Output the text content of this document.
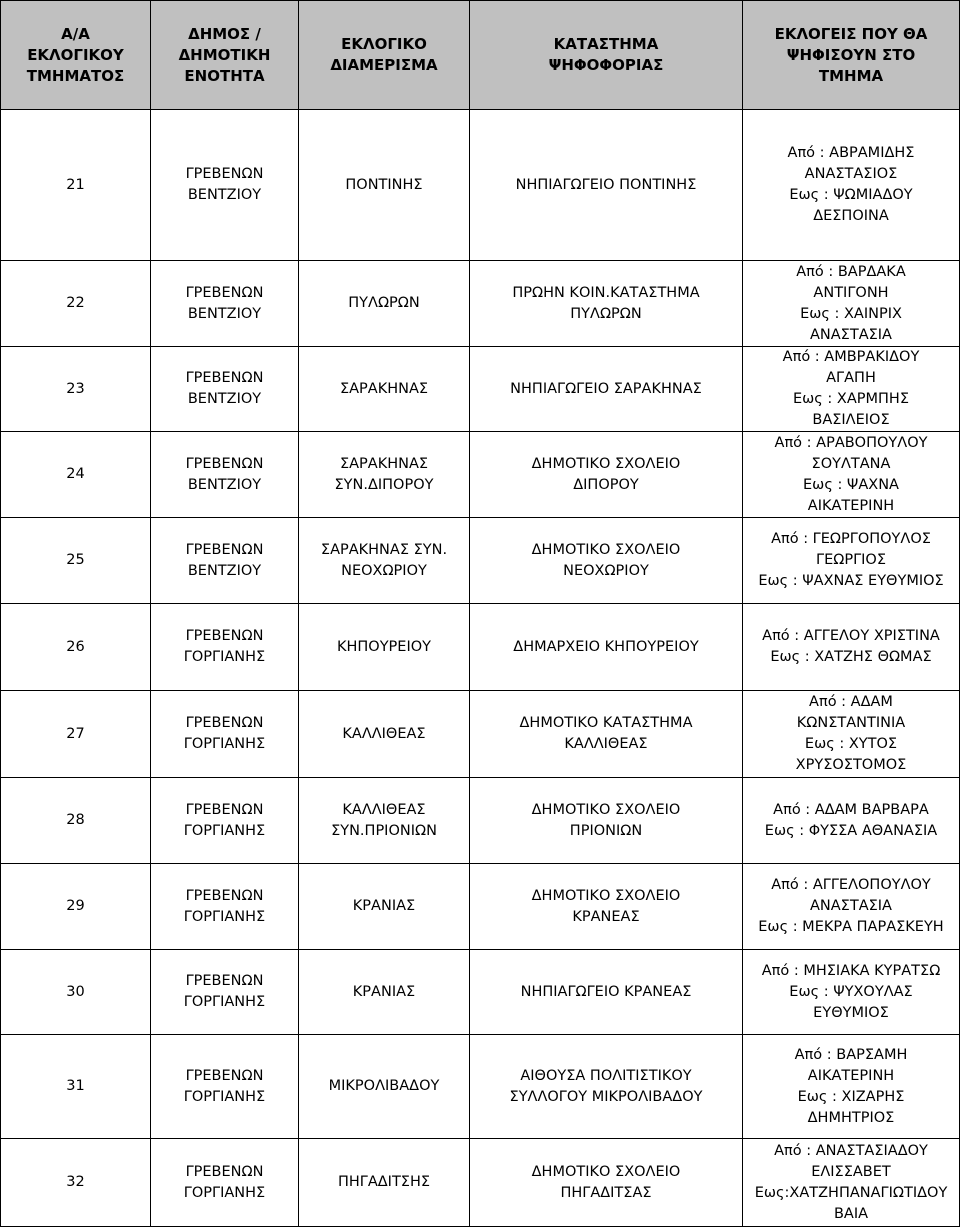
Α/Α
ΕΚΛΟΓΙΚΟΥ
ΤΜΗΜΑΤΟΣ	ΔΗΜΟΣ /
ΔΗΜΟΤΙΚΗ
ΕΝΟΤΗΤΑ	ΕΚΛΟΓΙΚΟ
ΔΙΑΜΕΡΙΣΜΑ	ΚΑΤΑΣΤΗΜΑ
ΨΗΦΟΦΟΡΙΑΣ	ΕΚΛΟΓΕΙΣ ΠΟΥ ΘΑ
ΨΗΦΙΣΟΥΝ ΣΤΟ
ΤΜΗΜΑ
21	ΓΡΕΒΕΝΩΝ
ΒΕΝΤΖΙΟΥ	ΠΟΝΤΙΝΗΣ	ΝΗΠΙΑΓΩΓΕΙΟ ΠΟΝΤΙΝΗΣ	Από : ΑΒΡΑΜΙΔΗΣ
ΑΝΑΣΤΑΣΙΟΣ
Εως : ΨΩΜΙΑΔΟΥ
ΔΕΣΠΟΙΝΑ
22	ΓΡΕΒΕΝΩΝ
ΒΕΝΤΖΙΟΥ	ΠΥΛΩΡΩΝ	ΠΡΩΗΝ ΚΟΙΝ.ΚΑΤΑΣΤΗΜΑ
ΠΥΛΩΡΩΝ	Από : ΒΑΡΔΑΚΑ
ΑΝΤΙΓΟΝΗ
Εως : ΧΑΙΝΡΙΧ
ΑΝΑΣΤΑΣΙΑ
23	ΓΡΕΒΕΝΩΝ
ΒΕΝΤΖΙΟΥ	ΣΑΡΑΚΗΝΑΣ	ΝΗΠΙΑΓΩΓΕΙΟ ΣΑΡΑΚΗΝΑΣ	Από : ΑΜΒΡΑΚΙΔΟΥ
ΑΓΑΠΗ
Εως : ΧΑΡΜΠΗΣ
ΒΑΣΙΛΕΙΟΣ
24	ΓΡΕΒΕΝΩΝ
ΒΕΝΤΖΙΟΥ	ΣΑΡΑΚΗΝΑΣ
ΣΥΝ.ΔΙΠΟΡΟΥ	ΔΗΜΟΤΙΚΟ ΣΧΟΛΕΙΟ
ΔΙΠΟΡΟΥ	Από : ΑΡΑΒΟΠΟΥΛΟΥ
ΣΟΥΛΤΑΝΑ
Εως : ΨΑΧΝΑ
ΑΙΚΑΤΕΡΙΝΗ
25	ΓΡΕΒΕΝΩΝ
ΒΕΝΤΖΙΟΥ	ΣΑΡΑΚΗΝΑΣ ΣΥΝ.
ΝΕΟΧΩΡΙΟΥ	ΔΗΜΟΤΙΚΟ ΣΧΟΛΕΙΟ
ΝΕΟΧΩΡΙΟΥ	Από : ΓΕΩΡΓΟΠΟΥΛΟΣ
ΓΕΩΡΓΙΟΣ
Εως : ΨΑΧΝΑΣ ΕΥΘΥΜΙΟΣ
26	ΓΡΕΒΕΝΩΝ
ΓΟΡΓΙΑΝΗΣ	ΚΗΠΟΥΡΕΙΟΥ	ΔΗΜΑΡΧΕΙΟ ΚΗΠΟΥΡΕΙΟΥ	Από : ΑΓΓΕΛΟΥ ΧΡΙΣΤΙΝΑ
Εως : ΧΑΤΖΗΣ ΘΩΜΑΣ
27	ΓΡΕΒΕΝΩΝ
ΓΟΡΓΙΑΝΗΣ	ΚΑΛΛΙΘΕΑΣ	ΔΗΜΟΤΙΚΟ ΚΑΤΑΣΤΗΜΑ
ΚΑΛΛΙΘΕΑΣ	Από : ΑΔΑΜ
ΚΩΝΣΤΑΝΤΙΝΙΑ
Εως : ΧΥΤΟΣ
ΧΡΥΣΟΣΤΟΜΟΣ
28	ΓΡΕΒΕΝΩΝ
ΓΟΡΓΙΑΝΗΣ	ΚΑΛΛΙΘΕΑΣ
ΣΥΝ.ΠΡΙΟΝΙΩΝ	ΔΗΜΟΤΙΚΟ ΣΧΟΛΕΙΟ
ΠΡΙΟΝΙΩΝ	Από : ΑΔΑΜ ΒΑΡΒΑΡΑ
Εως : ΦΥΣΣΑ ΑΘΑΝΑΣΙΑ
29	ΓΡΕΒΕΝΩΝ
ΓΟΡΓΙΑΝΗΣ	ΚΡΑΝΙΑΣ	ΔΗΜΟΤΙΚΟ ΣΧΟΛΕΙΟ
ΚΡΑΝΕΑΣ	Από : ΑΓΓΕΛΟΠΟΥΛΟΥ
ΑΝΑΣΤΑΣΙΑ
Εως : ΜΕΚΡΑ ΠΑΡΑΣΚΕΥΗ
30	ΓΡΕΒΕΝΩΝ
ΓΟΡΓΙΑΝΗΣ	ΚΡΑΝΙΑΣ	ΝΗΠΙΑΓΩΓΕΙΟ ΚΡΑΝΕΑΣ	Από : ΜΗΣΙΑΚΑ ΚΥΡΑΤΣΩ
Εως : ΨΥΧΟΥΛΑΣ
ΕΥΘΥΜΙΟΣ
31	ΓΡΕΒΕΝΩΝ
ΓΟΡΓΙΑΝΗΣ	ΜΙΚΡΟΛΙΒΑΔΟΥ	ΑΙΘΟΥΣΑ ΠΟΛΙΤΙΣΤΙΚΟΥ
ΣΥΛΛΟΓΟΥ ΜΙΚΡΟΛΙΒΑΔΟΥ	Από : ΒΑΡΣΑΜΗ
ΑΙΚΑΤΕΡΙΝΗ
Εως : ΧΙΖΑΡΗΣ
ΔΗΜΗΤΡΙΟΣ
32	ΓΡΕΒΕΝΩΝ
ΓΟΡΓΙΑΝΗΣ	ΠΗΓΑΔΙΤΣΗΣ	ΔΗΜΟΤΙΚΟ ΣΧΟΛΕΙΟ
ΠΗΓΑΔΙΤΣΑΣ	Από : ΑΝΑΣΤΑΣΙΑΔΟΥ
ΕΛΙΣΣΑΒΕΤ
Εως:ΧΑΤΖΗΠΑΝΑΓΙΩΤΙΔΟΥ
ΒΑΙΑ
